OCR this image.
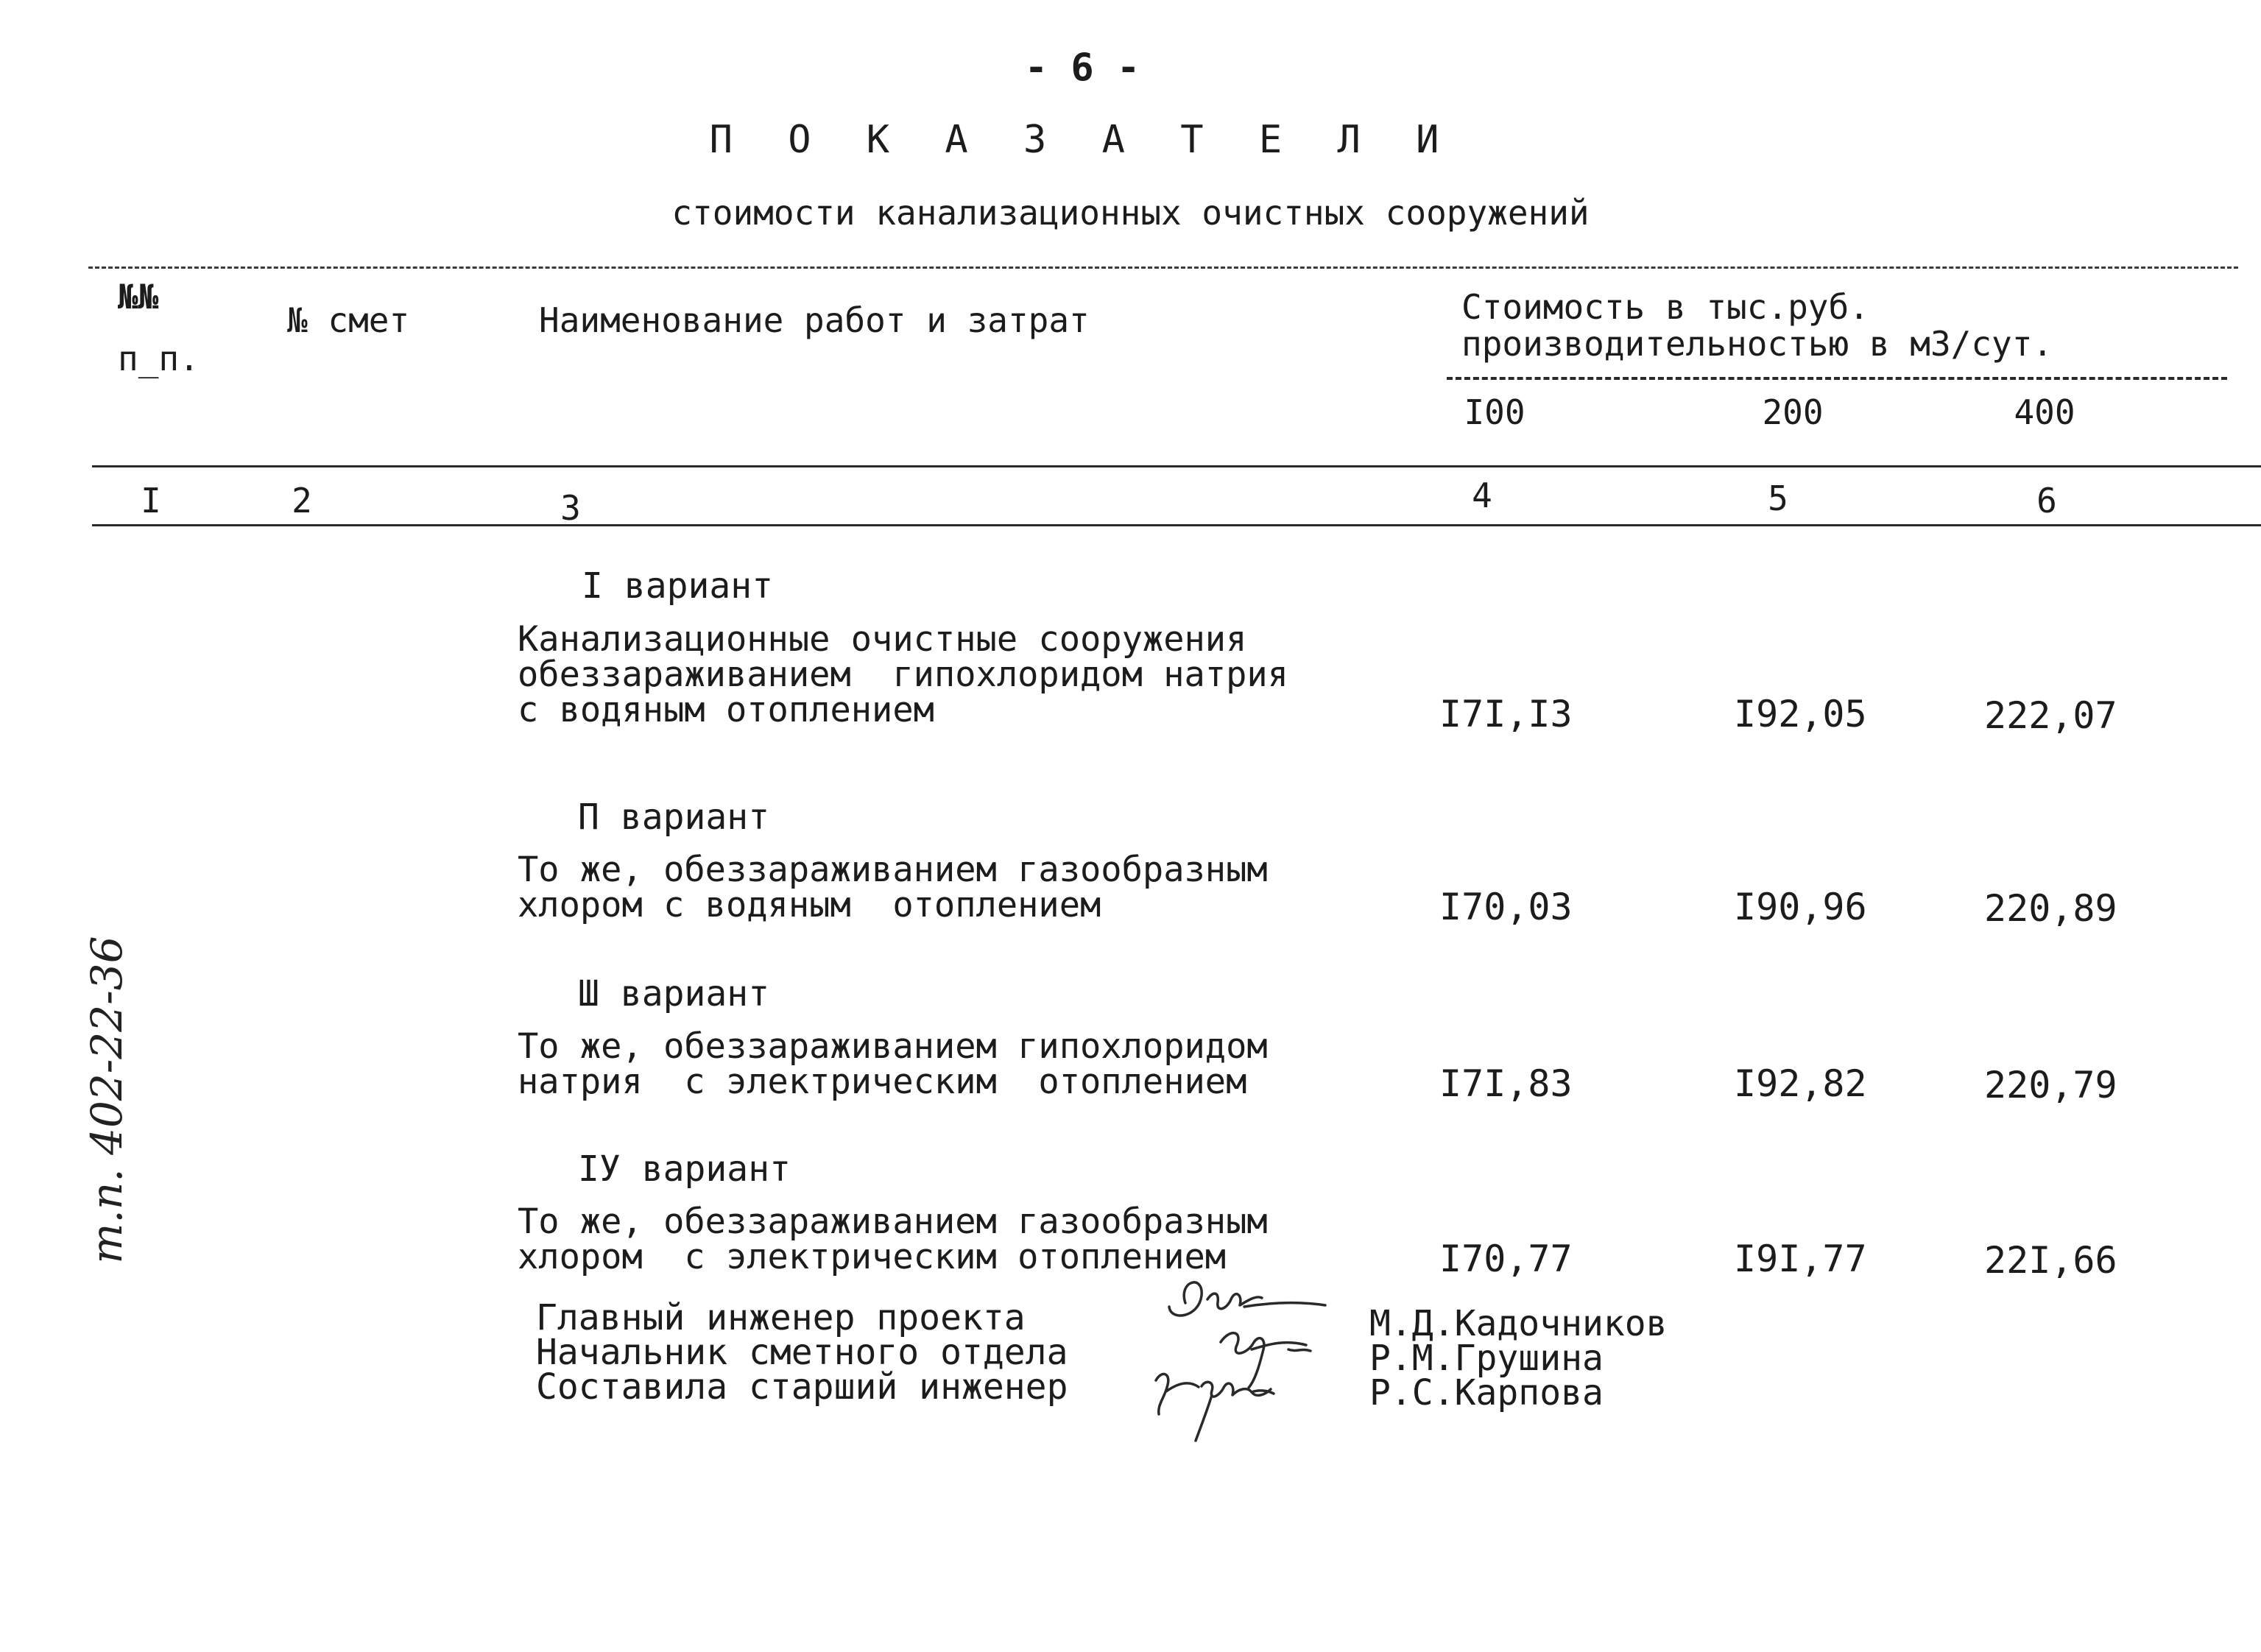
- 6 -
П О К А З А Т Е Л И
стоимости канализационных очистных сооружений
т.п. 402-22-36
№№
п_п.
№ смет	Наименование работ и затрат	Стоимость в тыс.руб.
производительностью в м3/сут.
I00	200	400
I	2	3	4	5	6
I вариант
Канализационные очистные сооружения
обеззараживанием  гипохлоридом натрия
с водяным отоплением	I7I,I3	I92,05	222,07
П вариант
То же, обеззараживанием газообразным
хлором с водяным  отоплением	I70,03	I90,96	220,89
Ш вариант
То же, обеззараживанием гипохлоридом
натрия  с электрическим  отоплением	I7I,83	I92,82	220,79
IУ вариант
То же, обеззараживанием газообразным
хлором  с электрическим отоплением	I70,77	I9I,77	22I,66
Главный инженер проекта
Начальник сметного отдела
Составила старший инженер
М.Д.Кадочников
Р.М.Грушина
Р.С.Карпова
